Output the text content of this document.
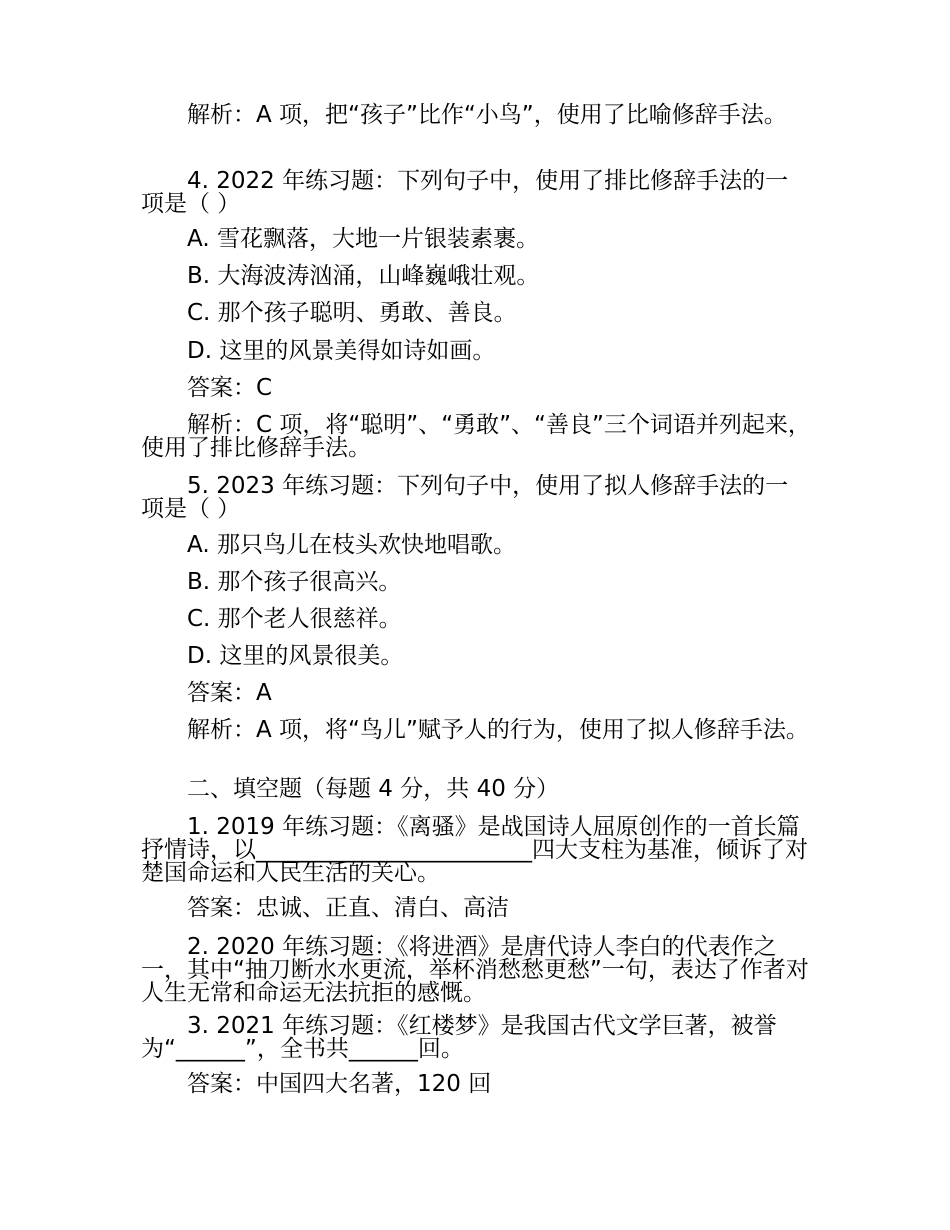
解析：A 项，把“孩子”比作“小鸟”，使用了比喻修辞手法。

4. 2022 年练习题：下列句子中，使用了排比修辞手法的一项是（ ）

A. 雪花飘落，大地一片银装素裹。

B. 大海波涛汹涌，山峰巍峨壮观。

C. 那个孩子聪明、勇敢、善良。

D. 这里的风景美得如诗如画。

答案：C

解析：C 项，将“聪明”、“勇敢”、“善良”三个词语并列起来，使用了排比修辞手法。

5. 2023 年练习题：下列句子中，使用了拟人修辞手法的一项是（ ）

A. 那只鸟儿在枝头欢快地唱歌。

B. 那个孩子很高兴。

C. 那个老人很慈祥。

D. 这里的风景很美。

答案：A

解析：A 项，将“鸟儿”赋予人的行为，使用了拟人修辞手法。

二、填空题（每题 4 分，共 40 分）

1. 2019 年练习题：《离骚》是战国诗人屈原创作的一首长篇抒情诗，以________________________四大支柱为基准，倾诉了对楚国命运和人民生活的关心。

答案：忠诚、正直、清白、高洁

2. 2020 年练习题：《将进酒》是唐代诗人李白的代表作之一，其中“抽刀断水水更流，举杯消愁愁更愁”一句，表达了作者对人生无常和命运无法抗拒的感慨。

3. 2021 年练习题：《红楼梦》是我国古代文学巨著，被誉为“______”，全书共______回。

答案：中国四大名著，120 回
